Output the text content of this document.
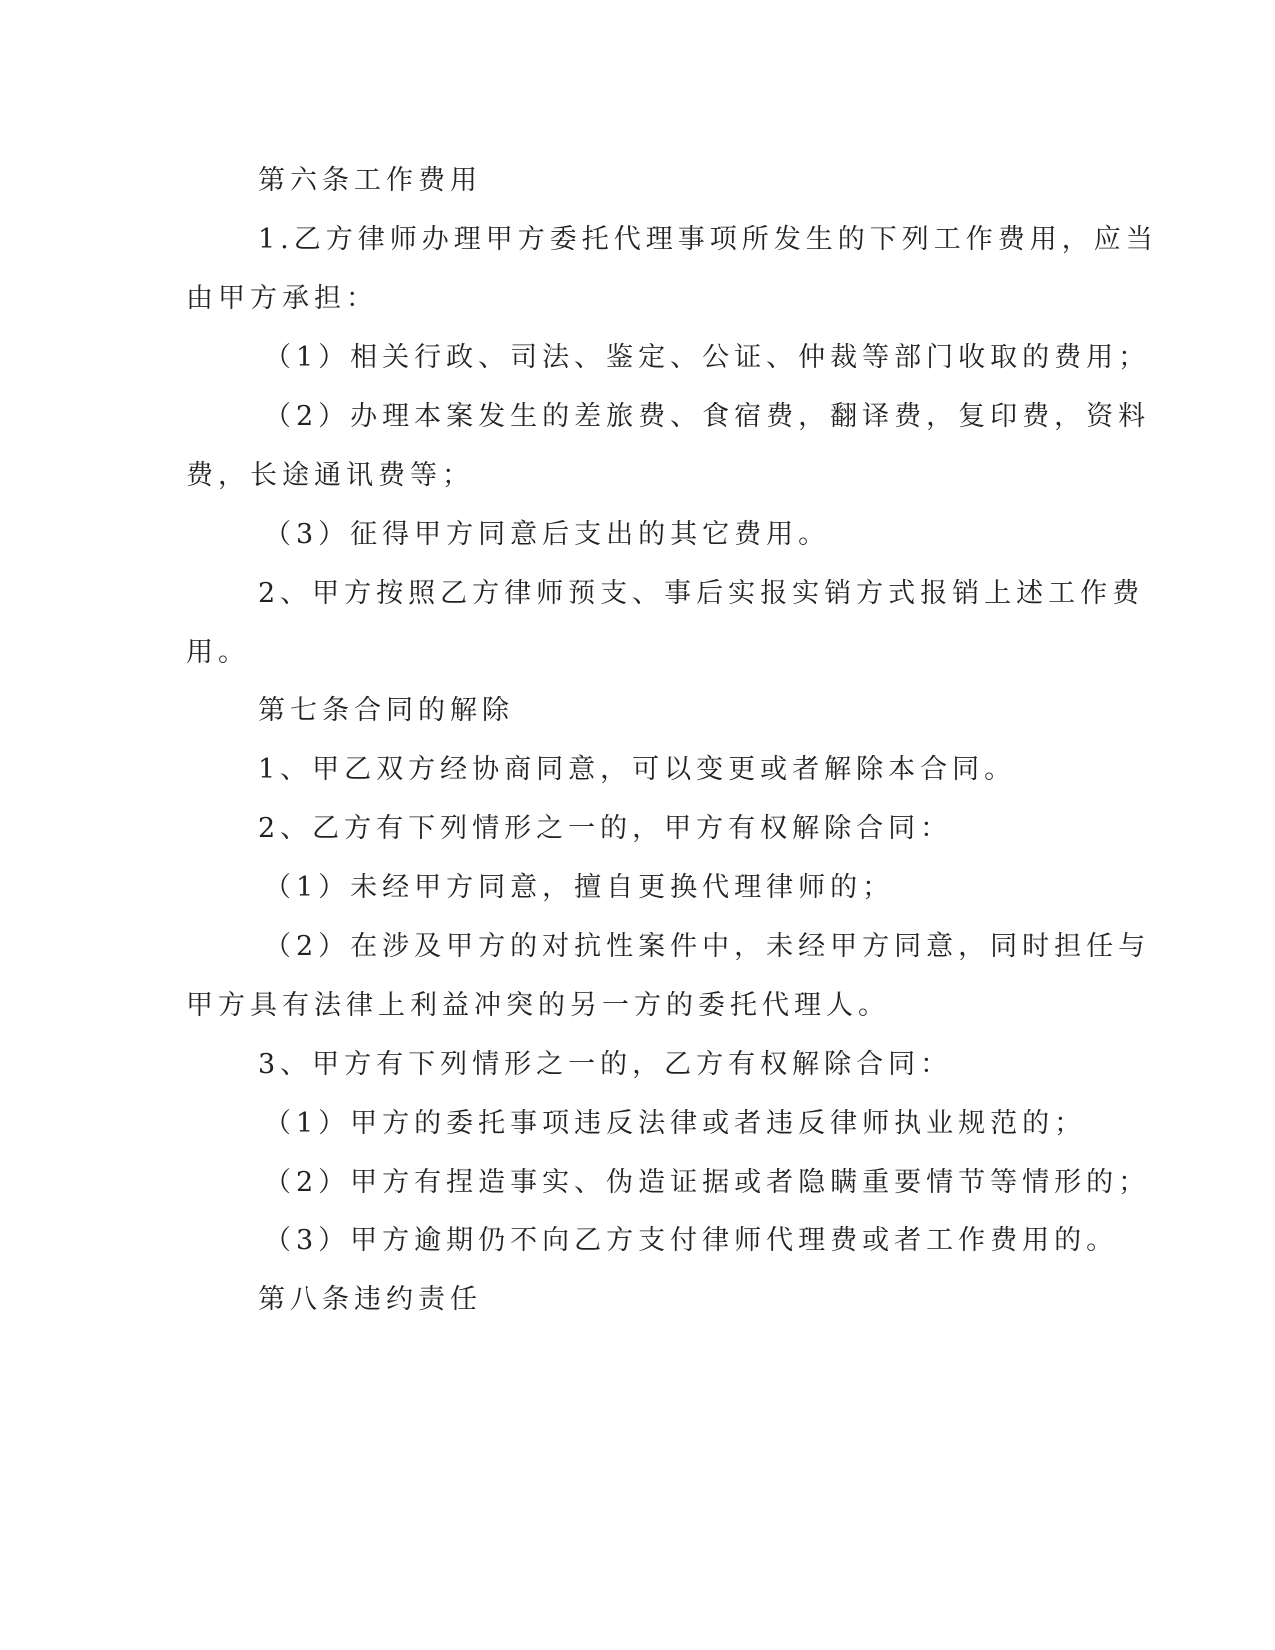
第六条工作费用
1.乙方律师办理甲方委托代理事项所发生的下列工作费用，应当
由甲方承担：
（1）相关行政、司法、鉴定、公证、仲裁等部门收取的费用；
（2）办理本案发生的差旅费、食宿费，翻译费，复印费，资料
费，长途通讯费等；
（3）征得甲方同意后支出的其它费用。
2、甲方按照乙方律师预支、事后实报实销方式报销上述工作费
用。
第七条合同的解除
1、甲乙双方经协商同意，可以变更或者解除本合同。
2、乙方有下列情形之一的，甲方有权解除合同：
（1）未经甲方同意，擅自更换代理律师的；
（2）在涉及甲方的对抗性案件中，未经甲方同意，同时担任与
甲方具有法律上利益冲突的另一方的委托代理人。
3、甲方有下列情形之一的，乙方有权解除合同：
（1）甲方的委托事项违反法律或者违反律师执业规范的；
（2）甲方有捏造事实、伪造证据或者隐瞒重要情节等情形的；
（3）甲方逾期仍不向乙方支付律师代理费或者工作费用的。
第八条违约责任
